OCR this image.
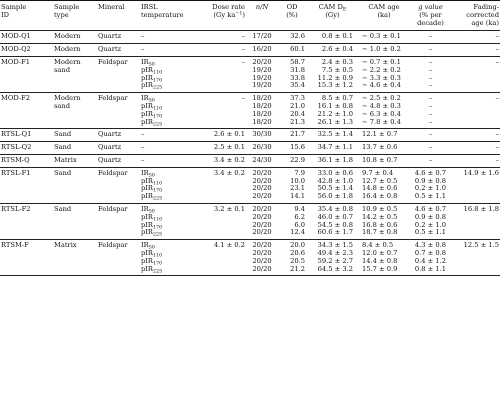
Sample
ID	Sample
type	Mineral	IRSL
temperature	Dose rate
(Gy $ka^{-1}$)	n/N	OD
(%)	CAM $D_E$
(Gy)	CAM age
(ka)	g value
(% per
decade)	Fading-
corrected
age (ka)
MOD-Q1	Modern	Quartz	–	–	17/20	32.6	0.8 ± 0.1	∼ 0.3 ± 0.1	–	–
MOD-Q2	Modern	Quartz	–	–	16/20	60.1	2.6 ± 0.4	∼ 1.0 ± 0.2	–	–
MOD-F1	Modern	Feldspar	$IR_{50}$	–	20/20	58.7	2.4 ± 0.3	∼ 0.7 ± 0.1	–	–
	sand		pIR$_{110}$		19/20	31.8	7.5 ± 0.5	∼ 2.2 ± 0.2	–	
			pIR$_{170}$		19/20	33.8	11.2 ± 0.9	∼ 3.3 ± 0.3	–	
			pIR$_{225}$		19/20	35.4	15.3 ± 1.2	∼ 4.6 ± 0.4	–	
MOD-F2	Modern	Feldspar	$IR_{50}$	–	18/20	37.3	8.5 ± 0.7	∼ 2.5 ± 0.2	–	–
	sand		pIR$_{110}$		18/20	21.0	16.1 ± 0.8	∼ 4.8 ± 0.3	–	
			pIR$_{170}$		18/20	20.4	21.2 ± 1.0	∼ 6.3 ± 0.4	–	
			pIR$_{225}$		18/20	21.3	26.1 ± 1.3	∼ 7.8 ± 0.4	–	
RTSL-Q1	Sand	Quartz	–	2.6 ± 0.1	30/30	21.7	32.5 ± 1.4	12.1 ± 0.7	–	–
RTSL-Q2	Sand	Quartz	–	2.5 ± 0.1	26/30	15.6	34.7 ± 1.1	13.7 ± 0.6	–	–
RTSM-Q	Matrix	Quartz	–	3.4 ± 0.2	24/30	22.9	36.1 ± 1.8	10.8 ± 0.7	–	–
RTSL-F1	Sand	Feldspar	$IR_{50}$	3.4 ± 0.2	20/20	7.9	33.0 ± 0.6	9.7 ± 0.4	4.6 ± 0.7	14.9 ± 1.6
			pIR$_{110}$		20/20	10.0	42.8 ± 1.0	12.7 ± 0.5	0.9 ± 0.8	
			pIR$_{170}$		20/20	23.1	50.5 ± 1.4	14.8 ± 0.6	0.2 ± 1.0	
			pIR$_{225}$		20/20	14.1	56.0 ± 1.8	16.4 ± 0.8	0.5 ± 1.1	
RTSL-F2	Sand	Feldspar	$IR_{50}$	3.2 ± 0.1	20/20	9.4	35.4 ± 0.8	10.9 ± 0.5	4.6 ± 0.7	16.8 ± 1.8
			pIR$_{110}$		20/20	6.2	46.0 ± 0.7	14.2 ± 0.5	0.9 ± 0.8	
			pIR$_{170}$		20/20	6.0	54.5 ± 0.8	16.8 ± 0.6	0.2 ± 1.0	
			pIR$_{225}$		20/20	12.4	60.6 ± 1.7	18.7 ± 0.8	0.5 ± 1.1	
RTSM-F	Matrix	Feldspar	$IR_{50}$	4.1 ± 0.2	20/20	20.0	34.3 ± 1.5	8.4 ± 0.5	4.3 ± 0.8	12.5 ± 1.5
			pIR$_{110}$		20/20	20.6	49.4 ± 2.3	12.0 ± 0.7	0.7 ± 0.8	
			pIR$_{170}$		20/20	20.5	59.2 ± 2.7	14.4 ± 0.8	0.4 ± 1.2	
			pIR$_{225}$		20/20	21.2	64.5 ± 3.2	15.7 ± 0.9	0.8 ± 1.1	
